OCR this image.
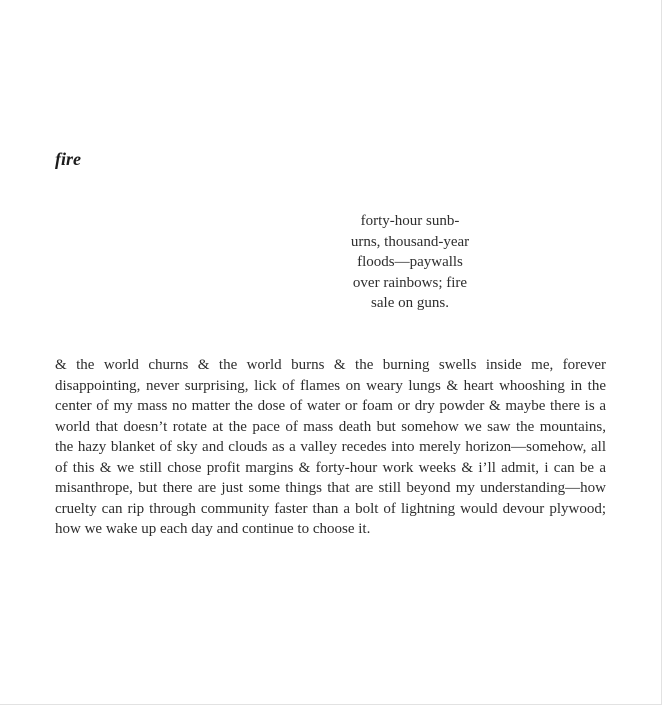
fire
forty-hour sunb-
urns, thousand-year
floods—paywalls
over rainbows; fire
sale on guns.
& the world churns & the world burns & the burning swells inside me, forever
disappointing, never surprising, lick of flames on weary lungs & heart whooshing in the
center of my mass no matter the dose of water or foam or dry powder & maybe there is a
world that doesn’t rotate at the pace of mass death but somehow we saw the mountains,
the hazy blanket of sky and clouds as a valley recedes into merely horizon—somehow, all
of this & we still chose profit margins & forty-hour work weeks & i’ll admit, i can be a
misanthrope, but there are just some things that are still beyond my understanding—how
cruelty can rip through community faster than a bolt of lightning would devour plywood;
how we wake up each day and continue to choose it.
